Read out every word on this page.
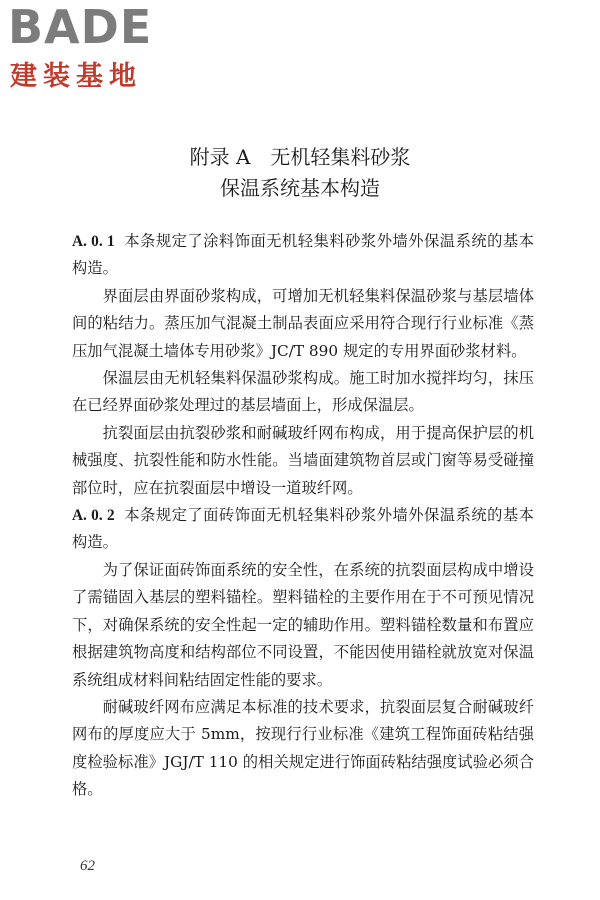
BADE
建装基地
附录 A　无机轻集料砂浆
保温系统基本构造

A. 0. 1 本条规定了涂料饰面无机轻集料砂浆外墙外保温系统的基本构造。

界面层由界面砂浆构成，可增加无机轻集料保温砂浆与基层墙体间的粘结力。蒸压加气混凝土制品表面应采用符合现行行业标准《蒸压加气混凝土墙体专用砂浆》JC/T 890 规定的专用界面砂浆材料。

保温层由无机轻集料保温砂浆构成。施工时加水搅拌均匀，抹压在已经界面砂浆处理过的基层墙面上，形成保温层。

抗裂面层由抗裂砂浆和耐碱玻纤网布构成，用于提高保护层的机械强度、抗裂性能和防水性能。当墙面建筑物首层或门窗等易受碰撞部位时，应在抗裂面层中增设一道玻纤网。

A. 0. 2 本条规定了面砖饰面无机轻集料砂浆外墙外保温系统的基本构造。

为了保证面砖饰面系统的安全性，在系统的抗裂面层构成中增设了需锚固入基层的塑料锚栓。塑料锚栓的主要作用在于不可预见情况下，对确保系统的安全性起一定的辅助作用。塑料锚栓数量和布置应根据建筑物高度和结构部位不同设置，不能因使用锚栓就放宽对保温系统组成材料间粘结固定性能的要求。

耐碱玻纤网布应满足本标准的技术要求，抗裂面层复合耐碱玻纤网布的厚度应大于 5mm，按现行行业标准《建筑工程饰面砖粘结强度检验标准》JGJ/T 110 的相关规定进行饰面砖粘结强度试验必须合格。

62
